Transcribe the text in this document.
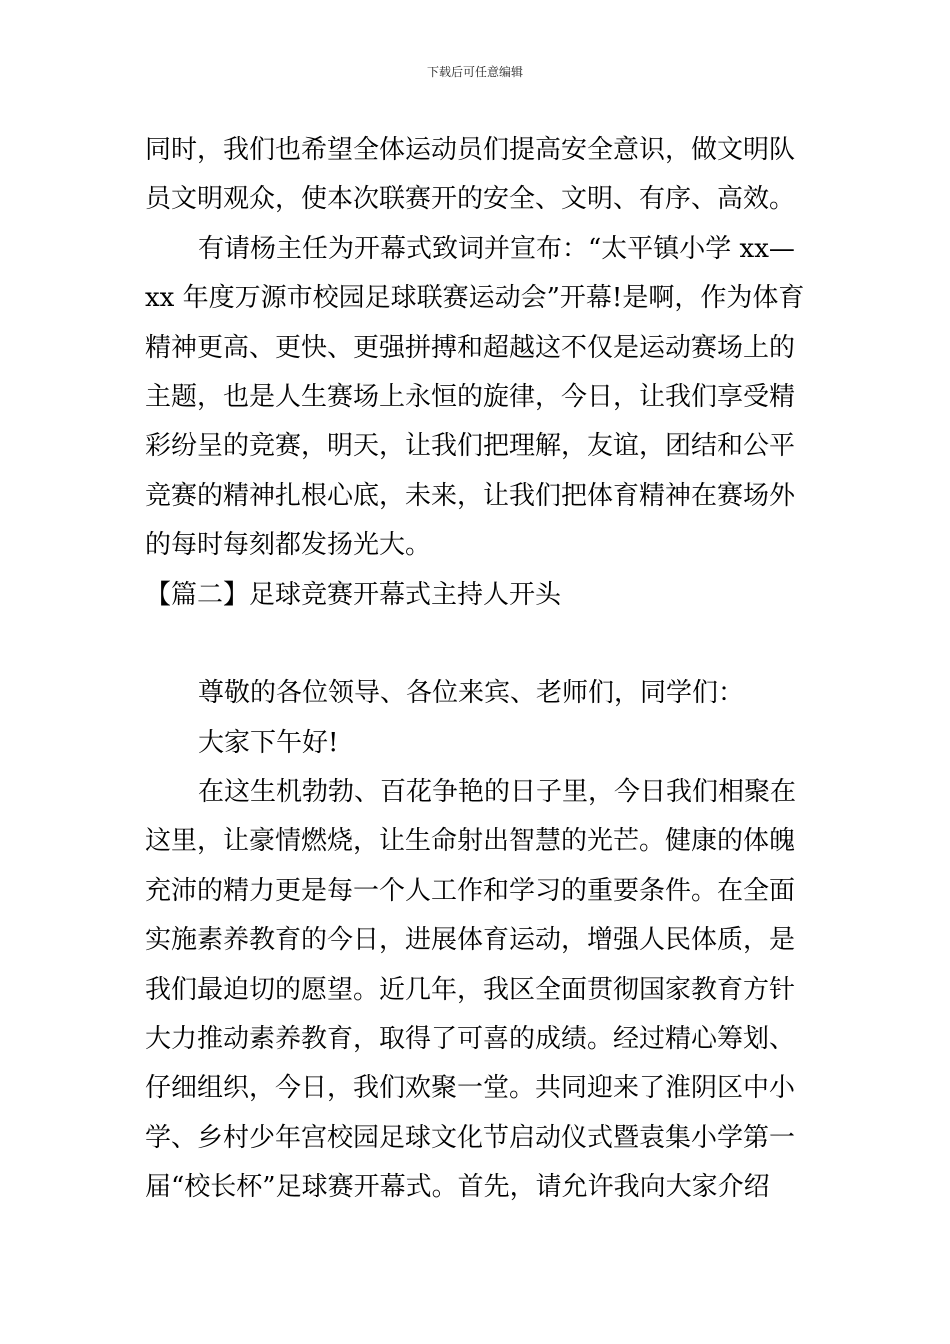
下载后可任意编辑
同时，我们也希望全体运动员们提高安全意识，做文明队
员文明观众，使本次联赛开的安全、文明、有序、高效。
有请杨主任为开幕式致词并宣布：“太平镇小学 xx—
xx 年度万源市校园足球联赛运动会”开幕!是啊，作为体育
精神更高、更快、更强拼搏和超越这不仅是运动赛场上的
主题，也是人生赛场上永恒的旋律，今日，让我们享受精
彩纷呈的竞赛，明天，让我们把理解，友谊，团结和公平
竞赛的精神扎根心底，未来，让我们把体育精神在赛场外
的每时每刻都发扬光大。
【篇二】足球竞赛开幕式主持人开头
尊敬的各位领导、各位来宾、老师们，同学们：
大家下午好!
在这生机勃勃、百花争艳的日子里，今日我们相聚在
这里，让豪情燃烧，让生命射出智慧的光芒。健康的体魄
充沛的精力更是每一个人工作和学习的重要条件。在全面
实施素养教育的今日，进展体育运动，增强人民体质，是
我们最迫切的愿望。近几年，我区全面贯彻国家教育方针
大力推动素养教育，取得了可喜的成绩。经过精心筹划、
仔细组织，今日，我们欢聚一堂。共同迎来了淮阴区中小
学、乡村少年宫校园足球文化节启动仪式暨袁集小学第一
届“校长杯”足球赛开幕式。首先，请允许我向大家介绍
